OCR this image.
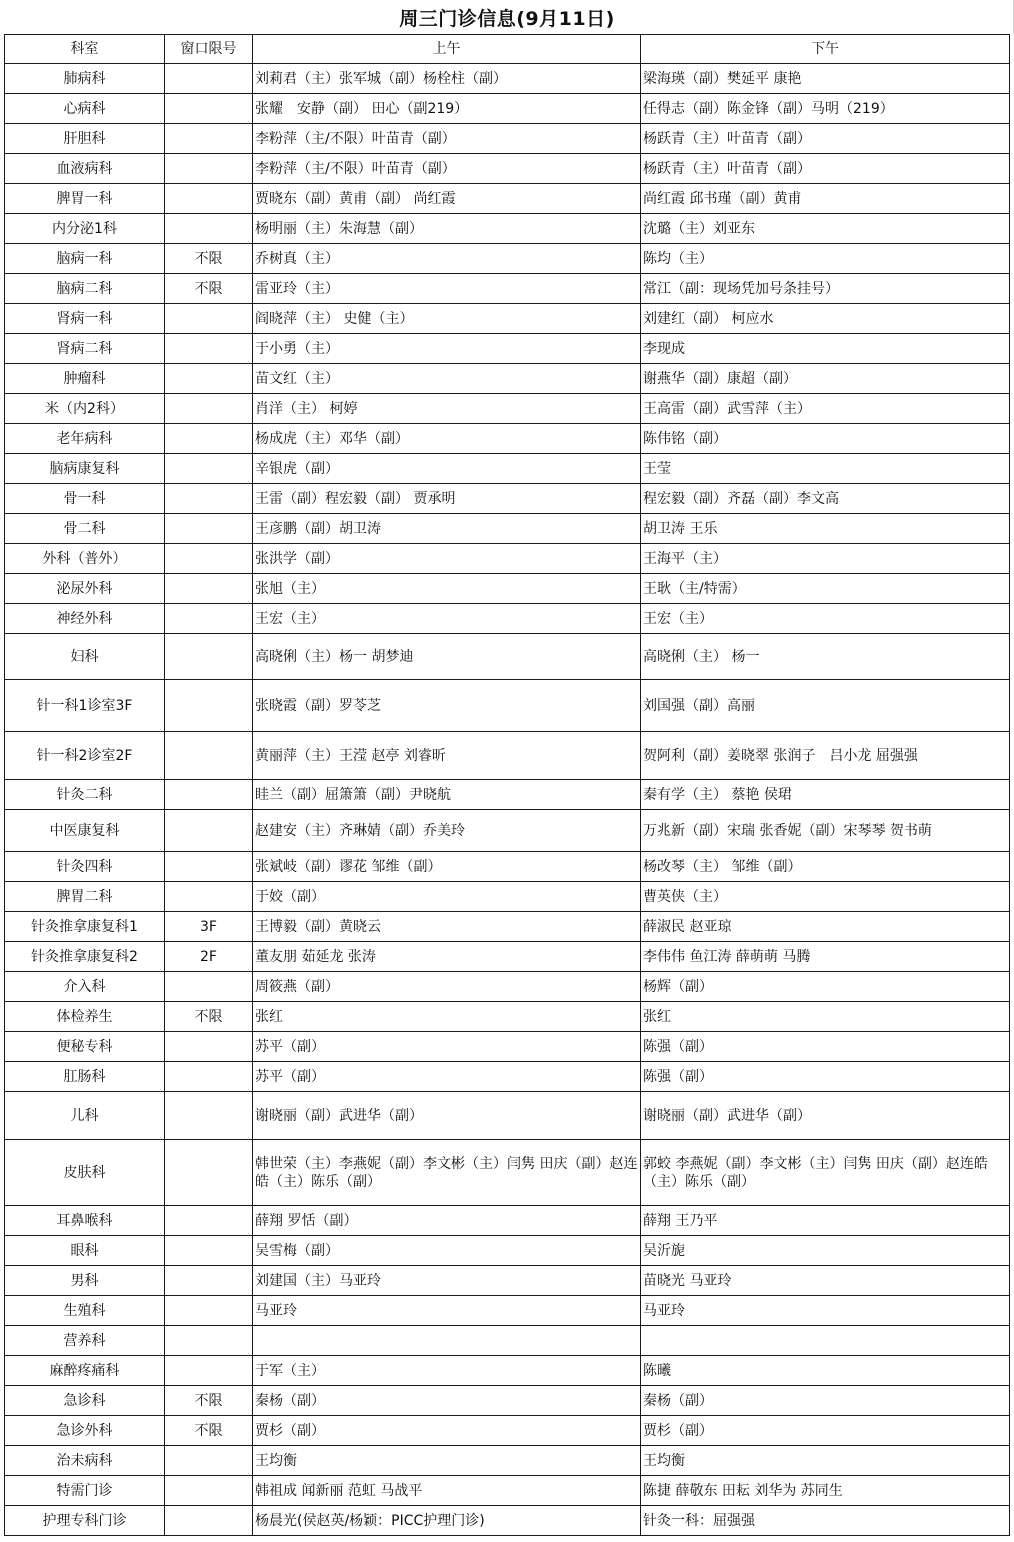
周三门诊信息(9月11日)
科室	窗口限号	上午	下午
肺病科		刘莉君（主）张军城（副）杨栓柱（副）	梁海瑛（副）樊延平 康艳
心病科		张耀　安静（副） 田心（副219）	任得志（副）陈金锋（副）马明（219）
肝胆科		李粉萍（主/不限）叶苗青（副）	杨跃青（主）叶苗青（副）
血液病科		李粉萍（主/不限）叶苗青（副）	杨跃青（主）叶苗青（副）
脾胃一科		贾晓东（副）黄甫（副） 尚红霞	尚红霞 邱书瑾（副）黄甫
内分泌1科		杨明丽（主）朱海慧（副）	沈璐（主）刘亚东
脑病一科	不限	乔树真（主）	陈均（主）
脑病二科	不限	雷亚玲（主）	常江（副：现场凭加号条挂号）
肾病一科		阎晓萍（主） 史健（主）	刘建红（副） 柯应水
肾病二科		于小勇（主）	李现成
肿瘤科		苗文红（主）	谢燕华（副）康超（副）
米（内2科）		肖洋（主） 柯婷	王高雷（副）武雪萍（主）
老年病科		杨成虎（主）邓华（副）	陈伟铭（副）
脑病康复科		辛银虎（副）	王莹
骨一科		王雷（副）程宏毅（副） 贾承明	程宏毅（副）齐磊（副）李文高
骨二科		王彦鹏（副）胡卫涛	胡卫涛 王乐
外科（普外）		张洪学（副）	王海平（主）
泌尿外科		张旭（主）	王耿（主/特需）
神经外科		王宏（主）	王宏（主）
妇科		高晓俐（主）杨一 胡梦迪	高晓俐（主） 杨一
针一科1诊室3F		张晓霞（副）罗苓芝	刘国强（副）高丽
针一科2诊室2F		黄丽萍（主）王滢 赵亭 刘睿昕	贺阿利（副）姜晓翠 张润子　吕小龙 屈强强
针灸二科		眭兰（副）屈箫箫（副）尹晓航	秦有学（主） 蔡艳 侯珺
中医康复科		赵建安（主）齐琳婧（副）乔美玲	万兆新（副）宋瑞 张香妮（副）宋琴琴 贺书萌
针灸四科		张斌岐（副）谬花 邹维（副）	杨改琴（主） 邹维（副）
脾胃二科		于姣（副）	曹英侠（主）
针灸推拿康复科1	3F	王博毅（副）黄晓云	薛淑民 赵亚琼
针灸推拿康复科2	2F	董友朋 茹延龙 张涛	李伟伟 鱼江涛 薛萌萌 马腾
介入科		周筱燕（副）	杨辉（副）
体检养生	不限	张红	张红
便秘专科		苏平（副）	陈强（副）
肛肠科		苏平（副）	陈强（副）
儿科		谢晓丽（副）武进华（副）	谢晓丽（副）武进华（副）
皮肤科		韩世荣（主）李燕妮（副）李文彬（主）闫隽 田庆（副）赵连皓（主）陈乐（副）	郭蛟 李燕妮（副）李文彬（主）闫隽 田庆（副）赵连皓（主）陈乐（副）
耳鼻喉科		薛翔 罗恬（副）	薛翔 王乃平
眼科		吴雪梅（副）	吴沂旎
男科		刘建国（主）马亚玲	苗晓光 马亚玲
生殖科		马亚玲	马亚玲
营养科			
麻醉疼痛科		于军（主）	陈曦
急诊科	不限	秦杨（副）	秦杨（副）
急诊外科	不限	贾杉（副）	贾杉（副）
治未病科		王均衡	王均衡
特需门诊		韩祖成 闻新丽 范虹 马战平	陈捷 薛敬东 田耘 刘华为 苏同生
护理专科门诊		杨晨光(侯赵英/杨颖：PICC护理门诊)	针灸一科：屈强强
